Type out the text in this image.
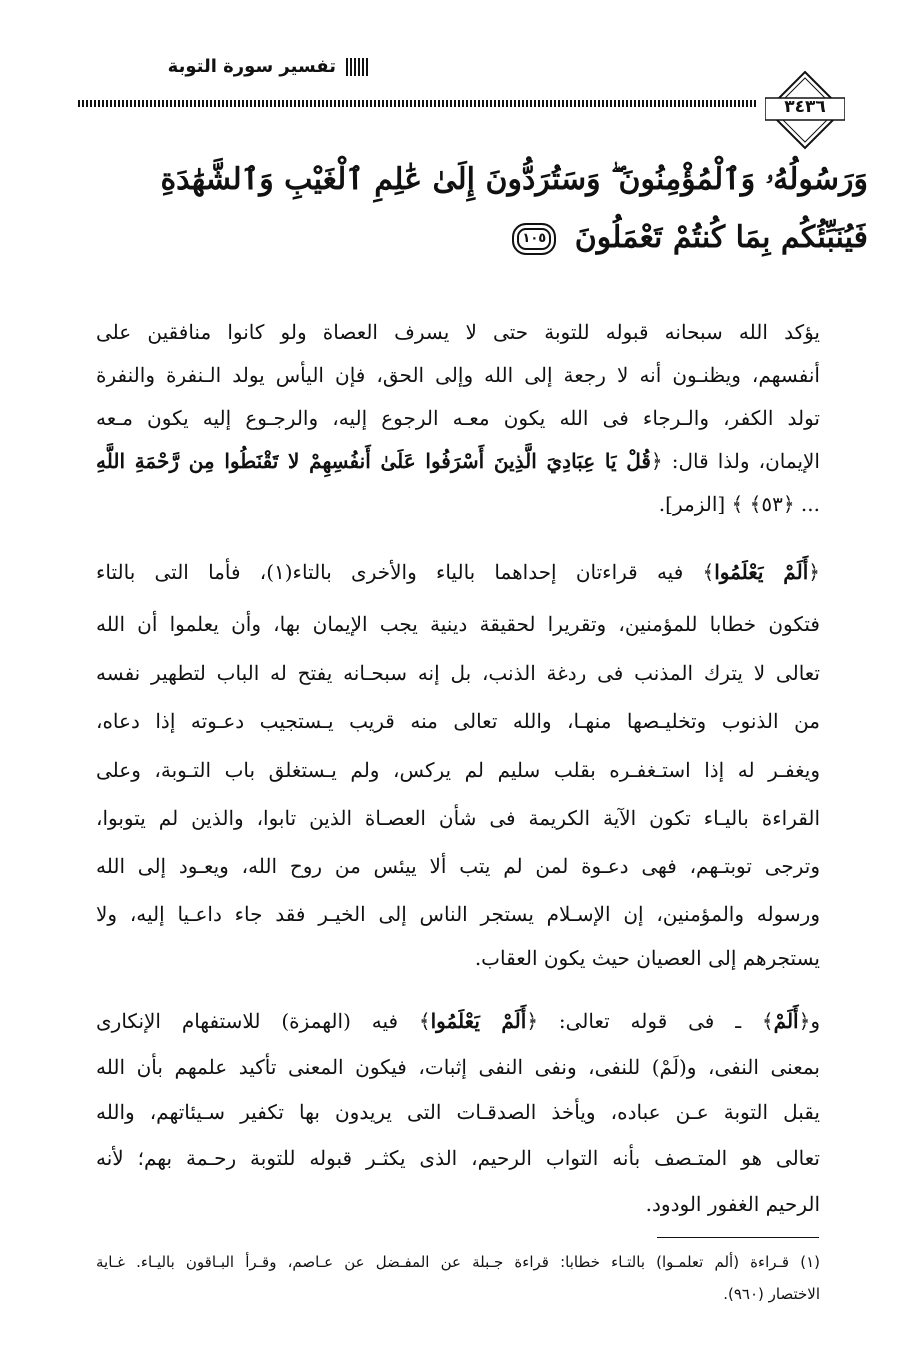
تفسير سورة التوبة
٣٤٣٦
وَرَسُولُهُۥ وَٱلْمُؤْمِنُونَ ۖ وَسَتُرَدُّونَ إِلَىٰ عَٰلِمِ ٱلْغَيْبِ وَٱلشَّهَٰدَةِ
فَيُنَبِّئُكُم بِمَا كُنتُمْ تَعْمَلُونَ ١٠٥
يؤكد الله سبحانه قبوله للتوبة حتى لا يسرف العصاة ولو كانوا منافقين على
أنفسهم، ويظنـون أنه لا رجعة إلى الله وإلى الحق، فإن اليأس يولد الـنفرة والنفرة
تولد الكفر، والـرجاء فى الله يكون معـه الرجوع إليه، والرجـوع إليه يكون مـعه
الإيمان، ولذا قال: ﴿قُلْ يَا عِبَادِيَ الَّذِينَ أَسْرَفُوا عَلَىٰ أَنفُسِهِمْ لا تَقْنَطُوا مِن رَّحْمَةِ اللَّهِ
... ﴿٥٣﴾ ﴾ [الزمر].
﴿أَلَمْ يَعْلَمُوا﴾ فيه قراءتان إحداهما بالياء والأخرى بالتاء(١)، فأما التى بالتاء
فتكون خطابا للمؤمنين، وتقريرا لحقيقة دينية يجب الإيمان بها، وأن يعلموا أن الله
تعالى لا يترك المذنب فى ردغة الذنب، بل إنه سبحـانه يفتح له الباب لتطهير نفسه
من الذنوب وتخليـصها منهـا، والله تعالى منه قريب يـستجيب دعـوته إذا دعاه،
ويغفـر له إذا استـغفـره بقلب سليم لم يركس، ولم يـستغلق باب التـوبة، وعلى
القراءة باليـاء تكون الآية الكريمة فى شأن العصـاة الذين تابوا، والذين لم يتوبوا،
وترجى توبتـهم، فهى دعـوة لمن لم يتب ألا ييئس من روح الله، ويعـود إلى الله
ورسوله والمؤمنين، إن الإسـلام يستجر الناس إلى الخيـر فقد جاء داعـيا إليه، ولا
يستجرهم إلى العصيان حيث يكون العقاب.
و﴿أَلَمْ﴾ ـ فى قوله تعالى: ﴿أَلَمْ يَعْلَمُوا﴾ فيه (الهمزة) للاستفهام الإنكارى
بمعنى النفى، و(لَمْ) للنفى، ونفى النفى إثبات، فيكون المعنى تأكيد علمهم بأن الله
يقبل التوبة عـن عباده، ويأخذ الصدقـات التى يريدون بها تكفير سـيئاتهم، والله
تعالى هو المتـصف بأنه التواب الرحيم، الذى يكثـر قبوله للتوبة رحـمة بهم؛ لأنه
الرحيم الغفور الودود.
(١) قـراءة (ألم تعلمـوا) بالتـاء خطابا: قراءة جـبلة عن المفـضل عن عـاصم، وقـرأ البـاقون باليـاء. غـاية
الاختصار (٩٦٠).
